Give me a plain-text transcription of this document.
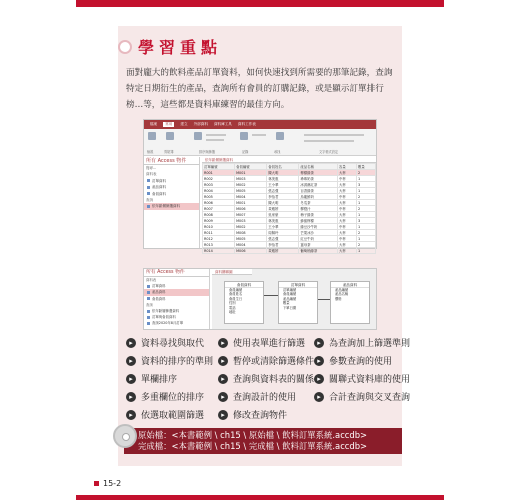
學習重點

面對龐大的飲料產品訂單資料，如何快速找到所需要的那筆記錄，查詢特定日期衍生的產品，查詢所有會員的訂購記錄，或是顯示訂單排行榜…等，這些都是資料庫練習的最佳方向。

檔案	常用	建立 外部資料 資料庫工具 資料工作表
檢視	剪貼簿	排序與篩選	記錄	尋找	文字格式設定
所有 Access 物件
搜尋...
資料表
訂單資料
產品資料
會員資料
查詢
依年齡層篩選資料
依年齡層篩選資料
訂單編號	會員編號	會員姓名	產品名稱	容量	數量
R001	M001	陳大明	檸檬綠茶	大杯	2
R002	M003	林美惠	珍珠奶茶	中杯	1
R003	M002	王小華	冰淇淋紅茶	大杯	3
R004	M005	張志強	百香綠茶	大杯	1
R005	M004	李怡君	烏龍鮮奶	中杯	2
R006	M001	陳大明	冬瓜茶	大杯	1
R007	M006	黃雅婷	柳橙汁	中杯	2
R008	M007	吳家豪	梅子綠茶	大杯	1
R009	M003	林美惠	蜂蜜檸檬	大杯	3
R010	M002	王小華	綠豆沙牛奶	中杯	1
R011	M008	周佩玲	芒果冰沙	大杯	2
R012	M005	張志強	紅豆牛奶	中杯	1
R013	M004	李怡君	薑母茶	大杯	2
R014	M006	黃雅婷	葡萄柚綠茶	大杯	1
所有 Access 物件
資料表
訂單資料
產品資料
會員資料
查詢
依年齡層篩選資料
訂單與會員資料
查詢2020年8月訂單
資料關聯圖
會員資料
會員編號
會員姓名
會員生日
性別
電話
地址
訂單資料
訂單編號
會員編號
產品編號
數量
下單日期
產品資料
產品編號
產品名稱
價格
▸ 資料尋找與取代	▸ 使用表單進行篩選	▸ 為查詢加上篩選準則
▸ 資料的排序的準則	▸ 暫停或清除篩選條件 ▸ 參數查詢的使用
▸ 單欄排序	▸ 查詢與資料表的關係 ▸ 關聯式資料庫的使用
▸ 多重欄位的排序	▸ 查詢設計的使用	▸ 合計查詢與交叉查詢
▸ 依選取範圍篩選	▸ 修改查詢物件
原始檔：<本書範例 \ ch15 \ 原始檔 \ 飲料訂單系統.accdb>
完成檔：<本書範例 \ ch15 \ 完成檔 \ 飲料訂單系統.accdb>
15-2
